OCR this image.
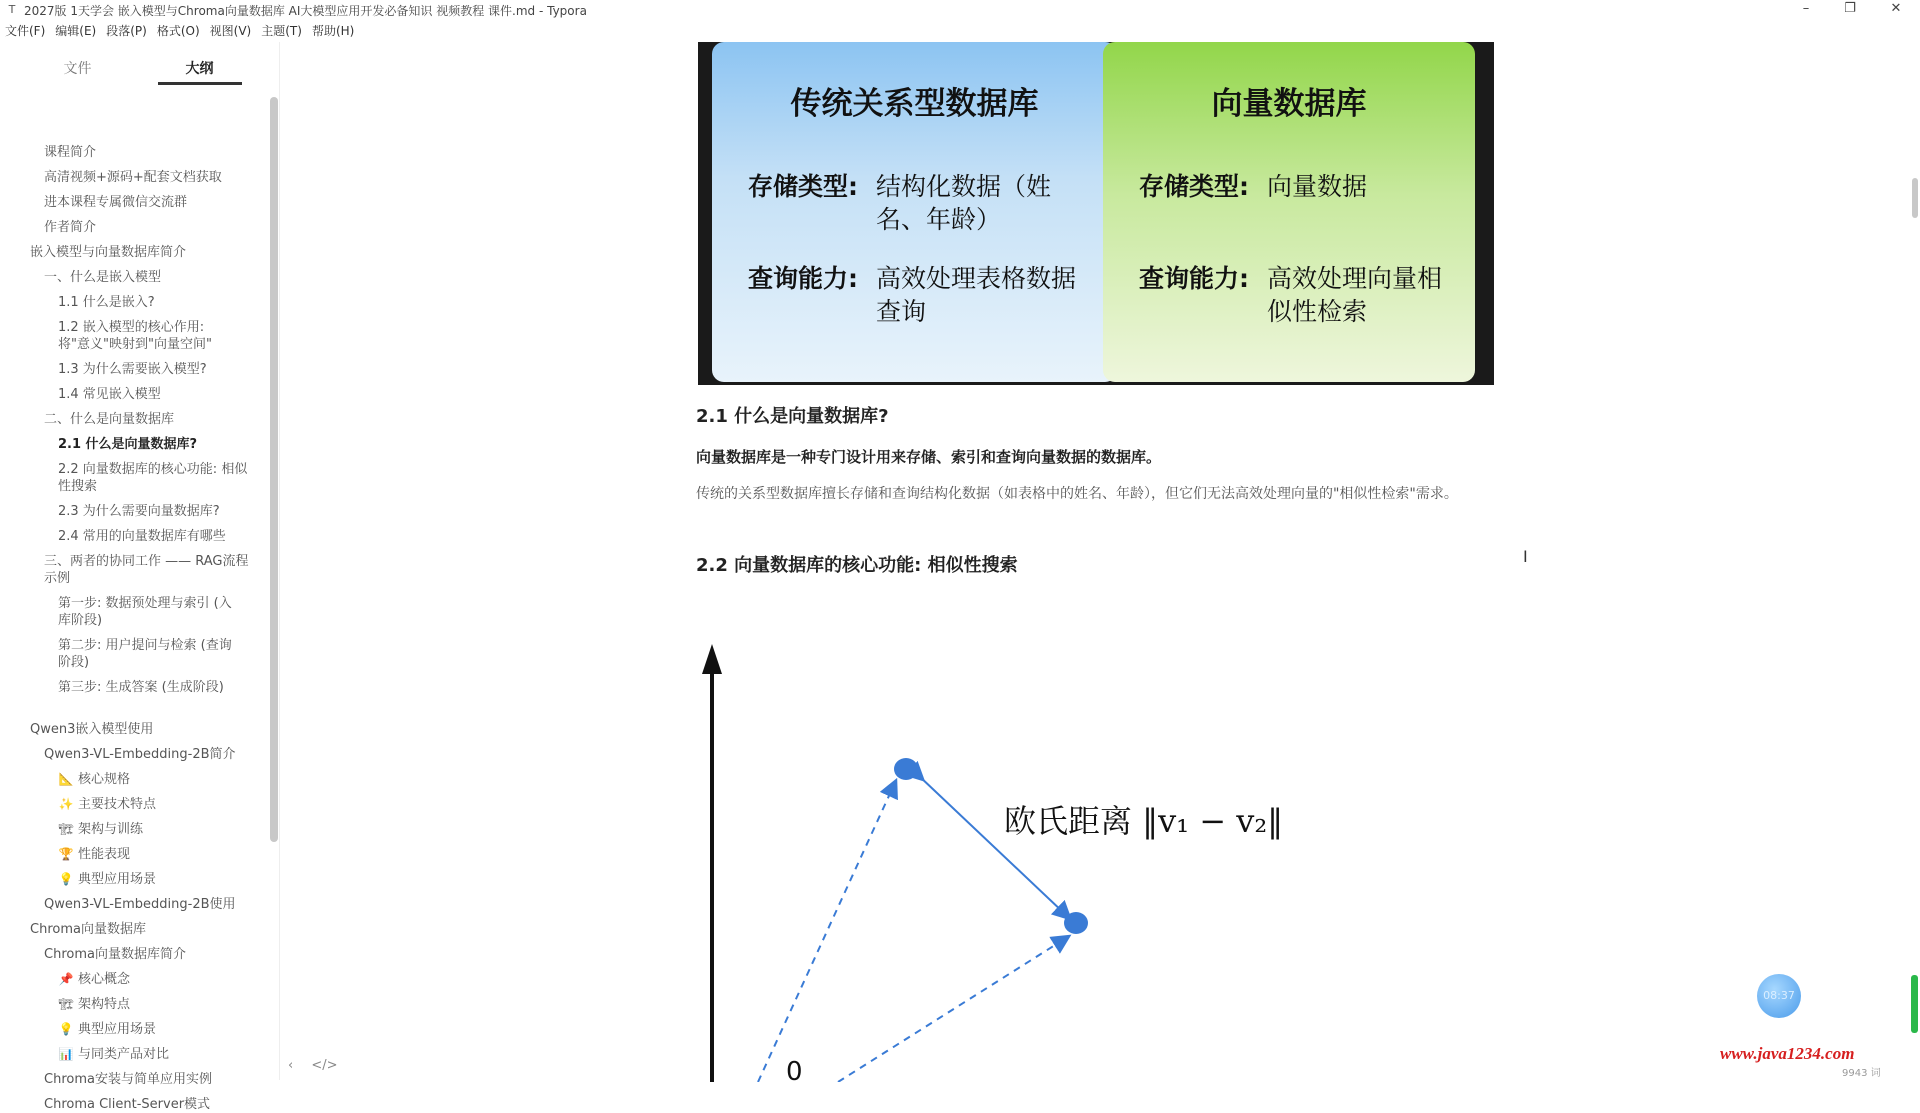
T 2027版 1天学会 嵌入模型与Chroma向量数据库 AI大模型应用开发必备知识 视频教程 课件.md - Typora	–	❐	✕
文件(F) 编辑(E) 段落(P) 格式(O) 视图(V) 主题(T) 帮助(H)
文件	大纲
课程简介
高清视频+源码+配套文档获取
进本课程专属微信交流群
作者简介
嵌入模型与向量数据库简介
一、什么是嵌入模型
1.1 什么是嵌入?
1.2 嵌入模型的核心作用: 将"意义"映射到"向量空间"
1.3 为什么需要嵌入模型?
1.4 常见嵌入模型
二、什么是向量数据库
2.1 什么是向量数据库?
2.2 向量数据库的核心功能: 相似性搜索
2.3 为什么需要向量数据库?
2.4 常用的向量数据库有哪些
三、两者的协同工作 —— RAG流程示例
第一步: 数据预处理与索引 (入库阶段)
第二步: 用户提问与检索 (查询阶段)
第三步: 生成答案 (生成阶段)
Qwen3嵌入模型使用
Qwen3-VL-Embedding-2B简介
📐 核心规格
✨ 主要技术特点
🏗 架构与训练
🏆 性能表现
💡 典型应用场景
Qwen3-VL-Embedding-2B使用
Chroma向量数据库
Chroma向量数据库简介
📌 核心概念
🏗 架构特点
💡 典型应用场景
📊 与同类产品对比
Chroma安装与简单应用实例
Chroma Client-Server模式
‹ </>
传统关系型数据库
存储类型: 结构化数据（姓名、年龄）
查询能力: 高效处理表格数据查询
向量数据库
存储类型: 向量数据
查询能力: 高效处理向量相似性检索
2.1 什么是向量数据库?

向量数据库是一种专门设计用来存储、索引和查询向量数据的数据库。

传统的关系型数据库擅长存储和查询结构化数据（如表格中的姓名、年龄），但它们无法高效处理向量的"相似性检索"需求。

2.2 向量数据库的核心功能: 相似性搜索
欧氏距离 ‖v₁ − v₂‖
0
I
08:37
www.java1234.com
9943 词
